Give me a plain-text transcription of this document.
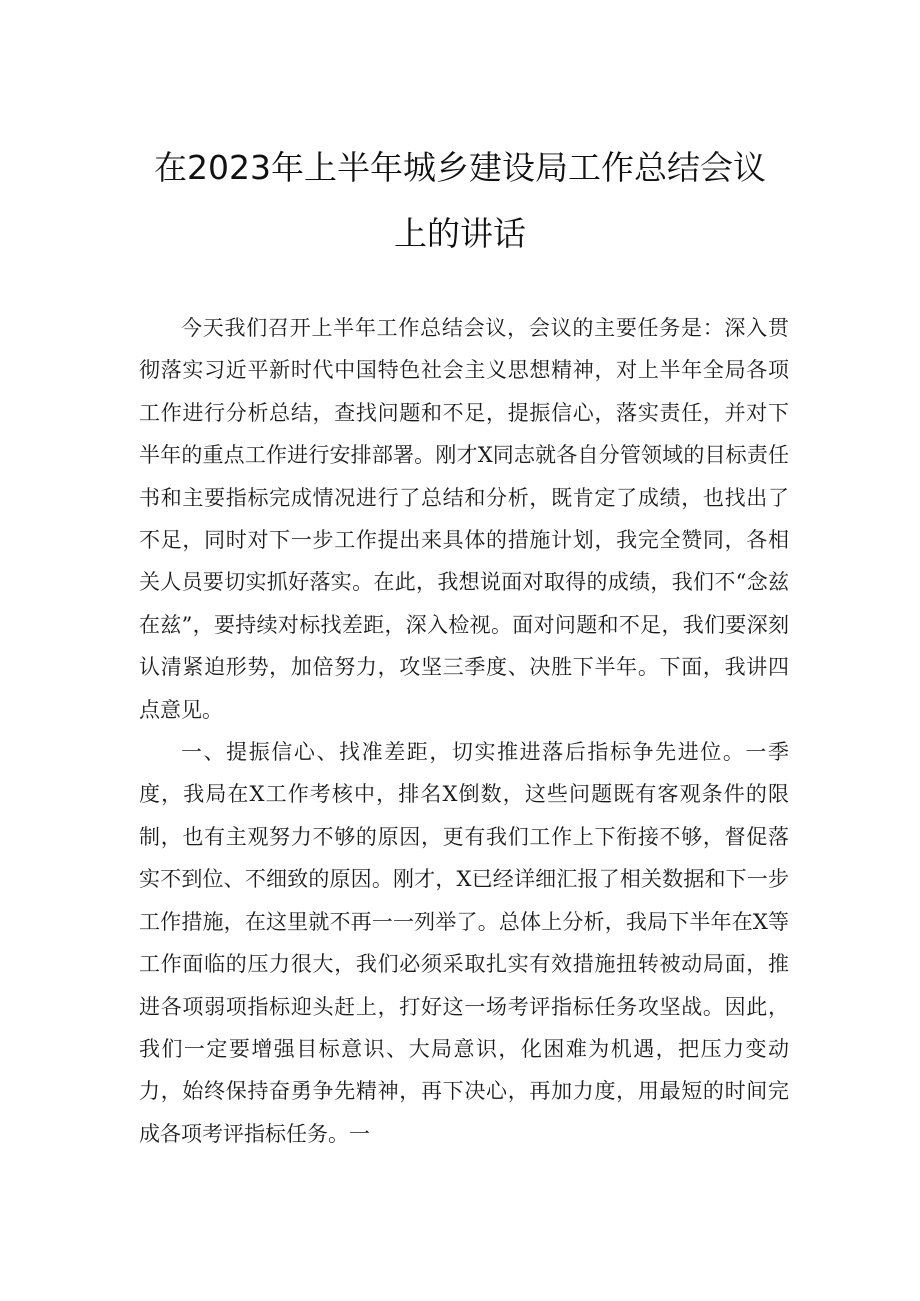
在2023年上半年城乡建设局工作总结会议
上的讲话

今天我们召开上半年工作总结会议，会议的主要任务是：深入贯彻落实习近平新时代中国特色社会主义思想精神，对上半年全局各项工作进行分析总结，查找问题和不足，提振信心，落实责任，并对下半年的重点工作进行安排部署。刚才X同志就各自分管领域的目标责任书和主要指标完成情况进行了总结和分析，既肯定了成绩，也找出了不足，同时对下一步工作提出来具体的措施计划，我完全赞同，各相关人员要切实抓好落实。在此，我想说面对取得的成绩，我们不“念兹在兹”，要持续对标找差距，深入检视。面对问题和不足，我们要深刻认清紧迫形势，加倍努力，攻坚三季度、决胜下半年。下面，我讲四点意见。

一、提振信心、找准差距，切实推进落后指标争先进位。一季度，我局在X工作考核中，排名X倒数，这些问题既有客观条件的限制，也有主观努力不够的原因，更有我们工作上下衔接不够，督促落实不到位、不细致的原因。刚才，X已经详细汇报了相关数据和下一步工作措施，在这里就不再一一列举了。总体上分析，我局下半年在X等工作面临的压力很大，我们必须采取扎实有效措施扭转被动局面，推进各项弱项指标迎头赶上，打好这一场考评指标任务攻坚战。因此，我们一定要增强目标意识、大局意识，化困难为机遇，把压力变动力，始终保持奋勇争先精神，再下决心，再加力度，用最短的时间完成各项考评指标任务。一
